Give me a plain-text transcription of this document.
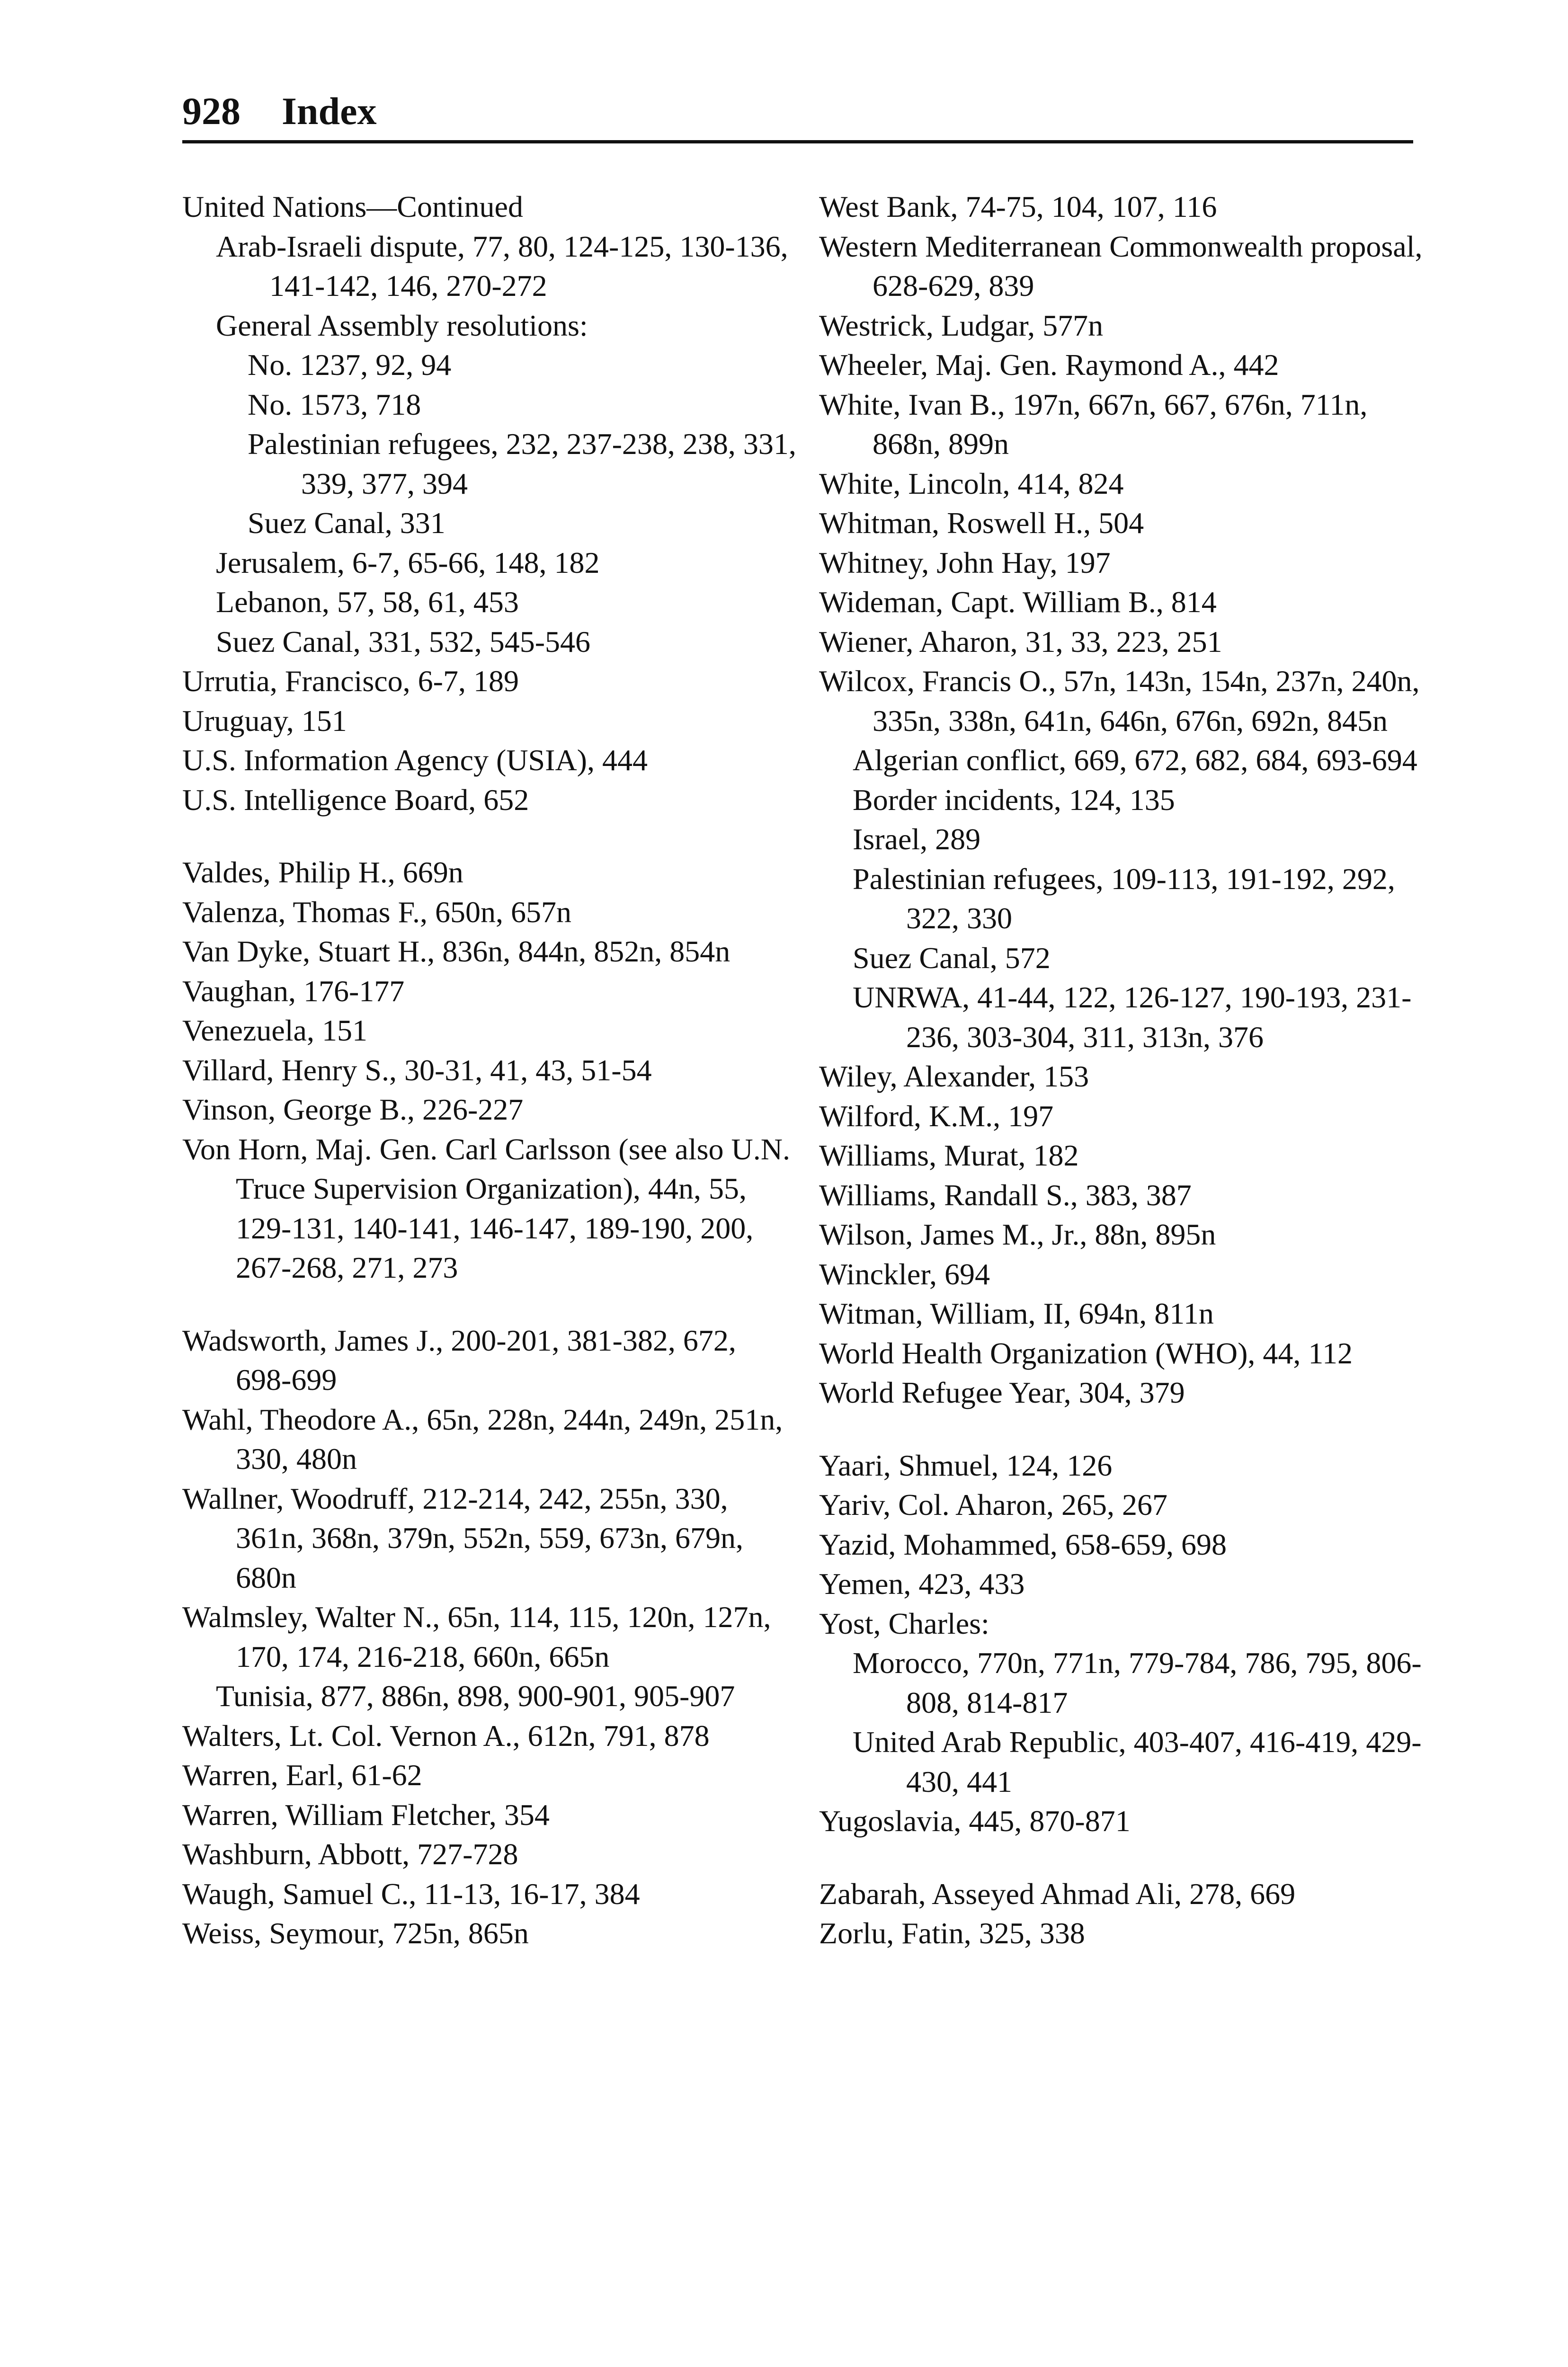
928 Index

United Nations—Continued

Arab-Israeli dispute, 77, 80, 124-125, 130-136, 141-142, 146, 270-272

General Assembly resolutions:

No. 1237, 92, 94

No. 1573, 718

Palestinian refugees, 232, 237-238, 238, 331, 339, 377, 394

Suez Canal, 331

Jerusalem, 6-7, 65-66, 148, 182

Lebanon, 57, 58, 61, 453

Suez Canal, 331, 532, 545-546

Urrutia, Francisco, 6-7, 189

Uruguay, 151

U.S. Information Agency (USIA), 444

U.S. Intelligence Board, 652

Valdes, Philip H., 669n

Valenza, Thomas F., 650n, 657n

Van Dyke, Stuart H., 836n, 844n, 852n, 854n

Vaughan, 176-177

Venezuela, 151

Villard, Henry S., 30-31, 41, 43, 51-54

Vinson, George B., 226-227

Von Horn, Maj. Gen. Carl Carlsson (see also U.N. Truce Supervision Organization), 44n, 55, 129-131, 140-141, 146-147, 189-190, 200, 267-268, 271, 273

Wadsworth, James J., 200-201, 381-382, 672, 698-699

Wahl, Theodore A., 65n, 228n, 244n, 249n, 251n, 330, 480n

Wallner, Woodruff, 212-214, 242, 255n, 330, 361n, 368n, 379n, 552n, 559, 673n, 679n, 680n

Walmsley, Walter N., 65n, 114, 115, 120n, 127n, 170, 174, 216-218, 660n, 665n

Tunisia, 877, 886n, 898, 900-901, 905-907

Walters, Lt. Col. Vernon A., 612n, 791, 878

Warren, Earl, 61-62

Warren, William Fletcher, 354

Washburn, Abbott, 727-728

Waugh, Samuel C., 11-13, 16-17, 384

Weiss, Seymour, 725n, 865n

West Bank, 74-75, 104, 107, 116

Western Mediterranean Commonwealth proposal, 628-629, 839

Westrick, Ludgar, 577n

Wheeler, Maj. Gen. Raymond A., 442

White, Ivan B., 197n, 667n, 667, 676n, 711n, 868n, 899n

White, Lincoln, 414, 824

Whitman, Roswell H., 504

Whitney, John Hay, 197

Wideman, Capt. William B., 814

Wiener, Aharon, 31, 33, 223, 251

Wilcox, Francis O., 57n, 143n, 154n, 237n, 240n, 335n, 338n, 641n, 646n, 676n, 692n, 845n

Algerian conflict, 669, 672, 682, 684, 693-694

Border incidents, 124, 135

Israel, 289

Palestinian refugees, 109-113, 191-192, 292, 322, 330

Suez Canal, 572

UNRWA, 41-44, 122, 126-127, 190-193, 231-236, 303-304, 311, 313n, 376

Wiley, Alexander, 153

Wilford, K.M., 197

Williams, Murat, 182

Williams, Randall S., 383, 387

Wilson, James M., Jr., 88n, 895n

Winckler, 694

Witman, William, II, 694n, 811n

World Health Organization (WHO), 44, 112

World Refugee Year, 304, 379

Yaari, Shmuel, 124, 126

Yariv, Col. Aharon, 265, 267

Yazid, Mohammed, 658-659, 698

Yemen, 423, 433

Yost, Charles:

Morocco, 770n, 771n, 779-784, 786, 795, 806-808, 814-817

United Arab Republic, 403-407, 416-419, 429-430, 441

Yugoslavia, 445, 870-871

Zabarah, Asseyed Ahmad Ali, 278, 669

Zorlu, Fatin, 325, 338
